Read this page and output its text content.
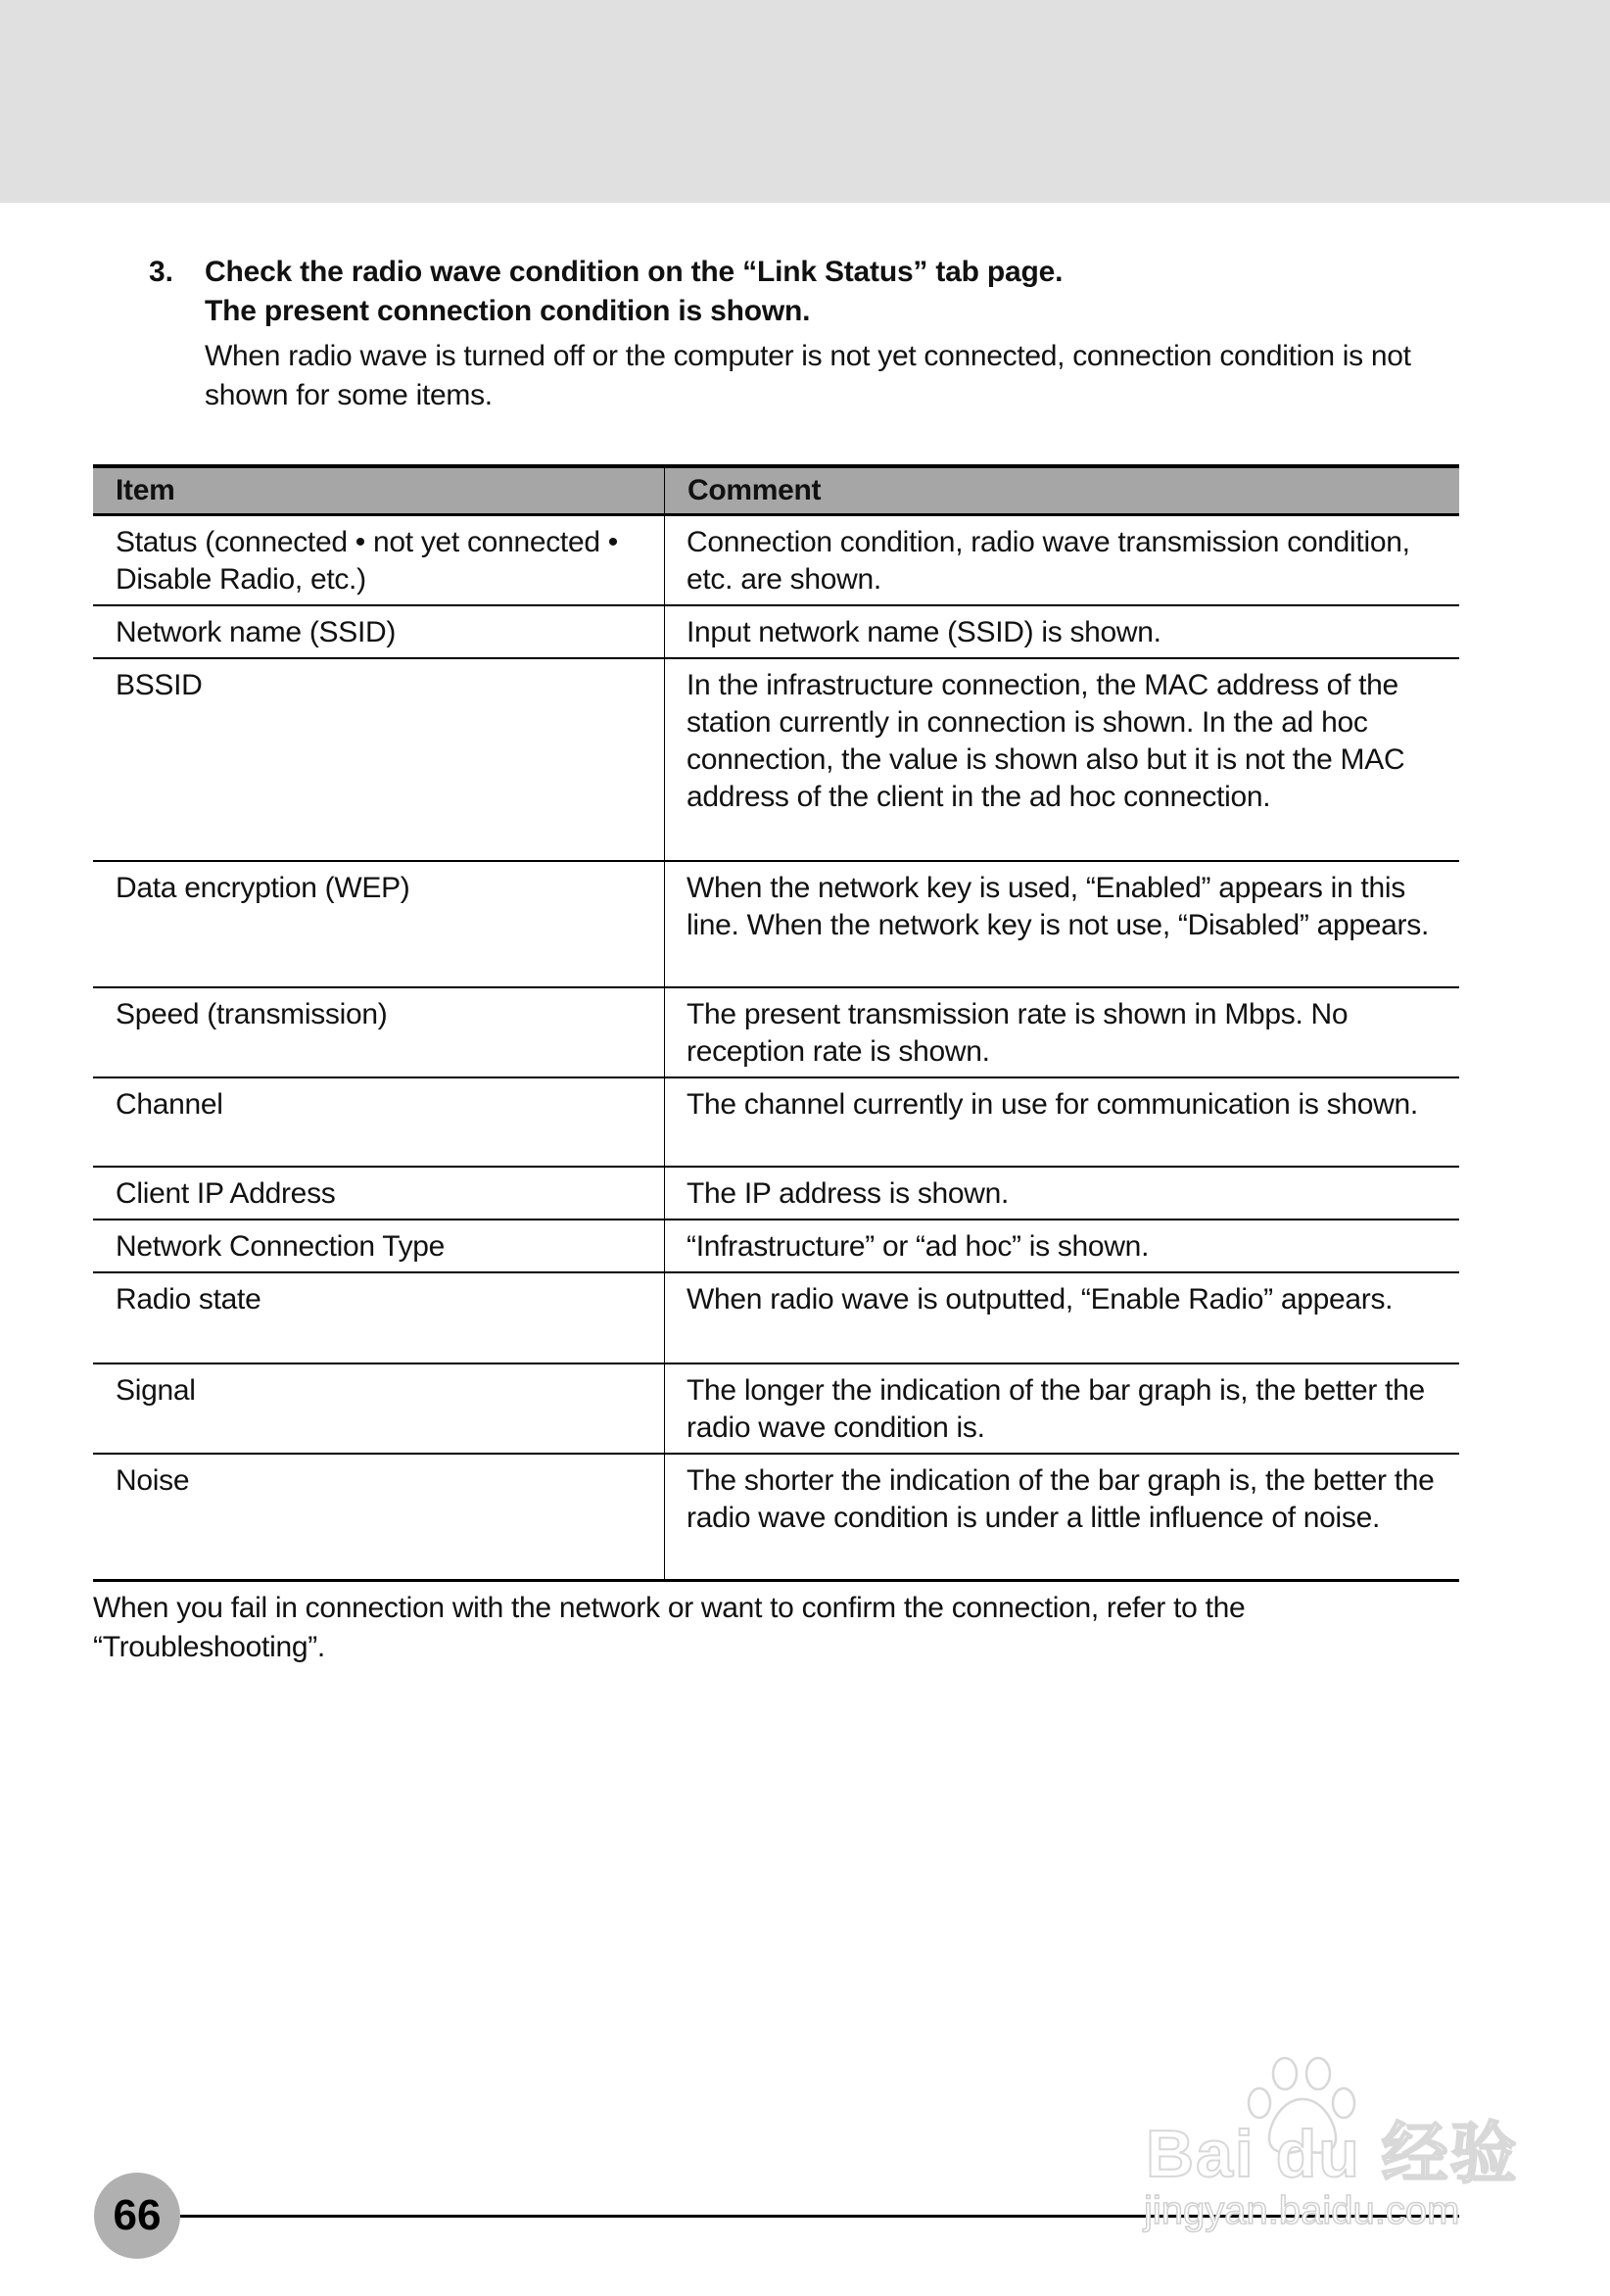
3. Check the radio wave condition on the “Link Status” tab page.
The present connection condition is shown.
When radio wave is turned off or the computer is not yet connected, connection condition is not shown for some items.
Item	Comment
Status (connected • not yet connected • Disable Radio, etc.)	Connection condition, radio wave transmission condition, etc. are shown.
Network name (SSID)	Input network name (SSID) is shown.
BSSID	In the infrastructure connection, the MAC address of the station currently in connection is shown. In the ad hoc connection, the value is shown also but it is not the MAC address of the client in the ad hoc connection.
Data encryption (WEP)	When the network key is used, “Enabled” appears in this line. When the network key is not use, “Disabled” appears.
Speed (transmission)	The present transmission rate is shown in Mbps. No reception rate is shown.
Channel	The channel currently in use for communication is shown.
Client IP Address	The IP address is shown.
Network Connection Type	“Infrastructure” or “ad hoc” is shown.
Radio state	When radio wave is outputted, “Enable Radio” appears.
Signal	The longer the indication of the bar graph is, the better the radio wave condition is.
Noise	The shorter the indication of the bar graph is, the better the radio wave condition is under a little influence of noise.
When you fail in connection with the network or want to confirm the connection, refer to the “Troubleshooting”.
66
Bai du 经验
jingyan.baidu.com
